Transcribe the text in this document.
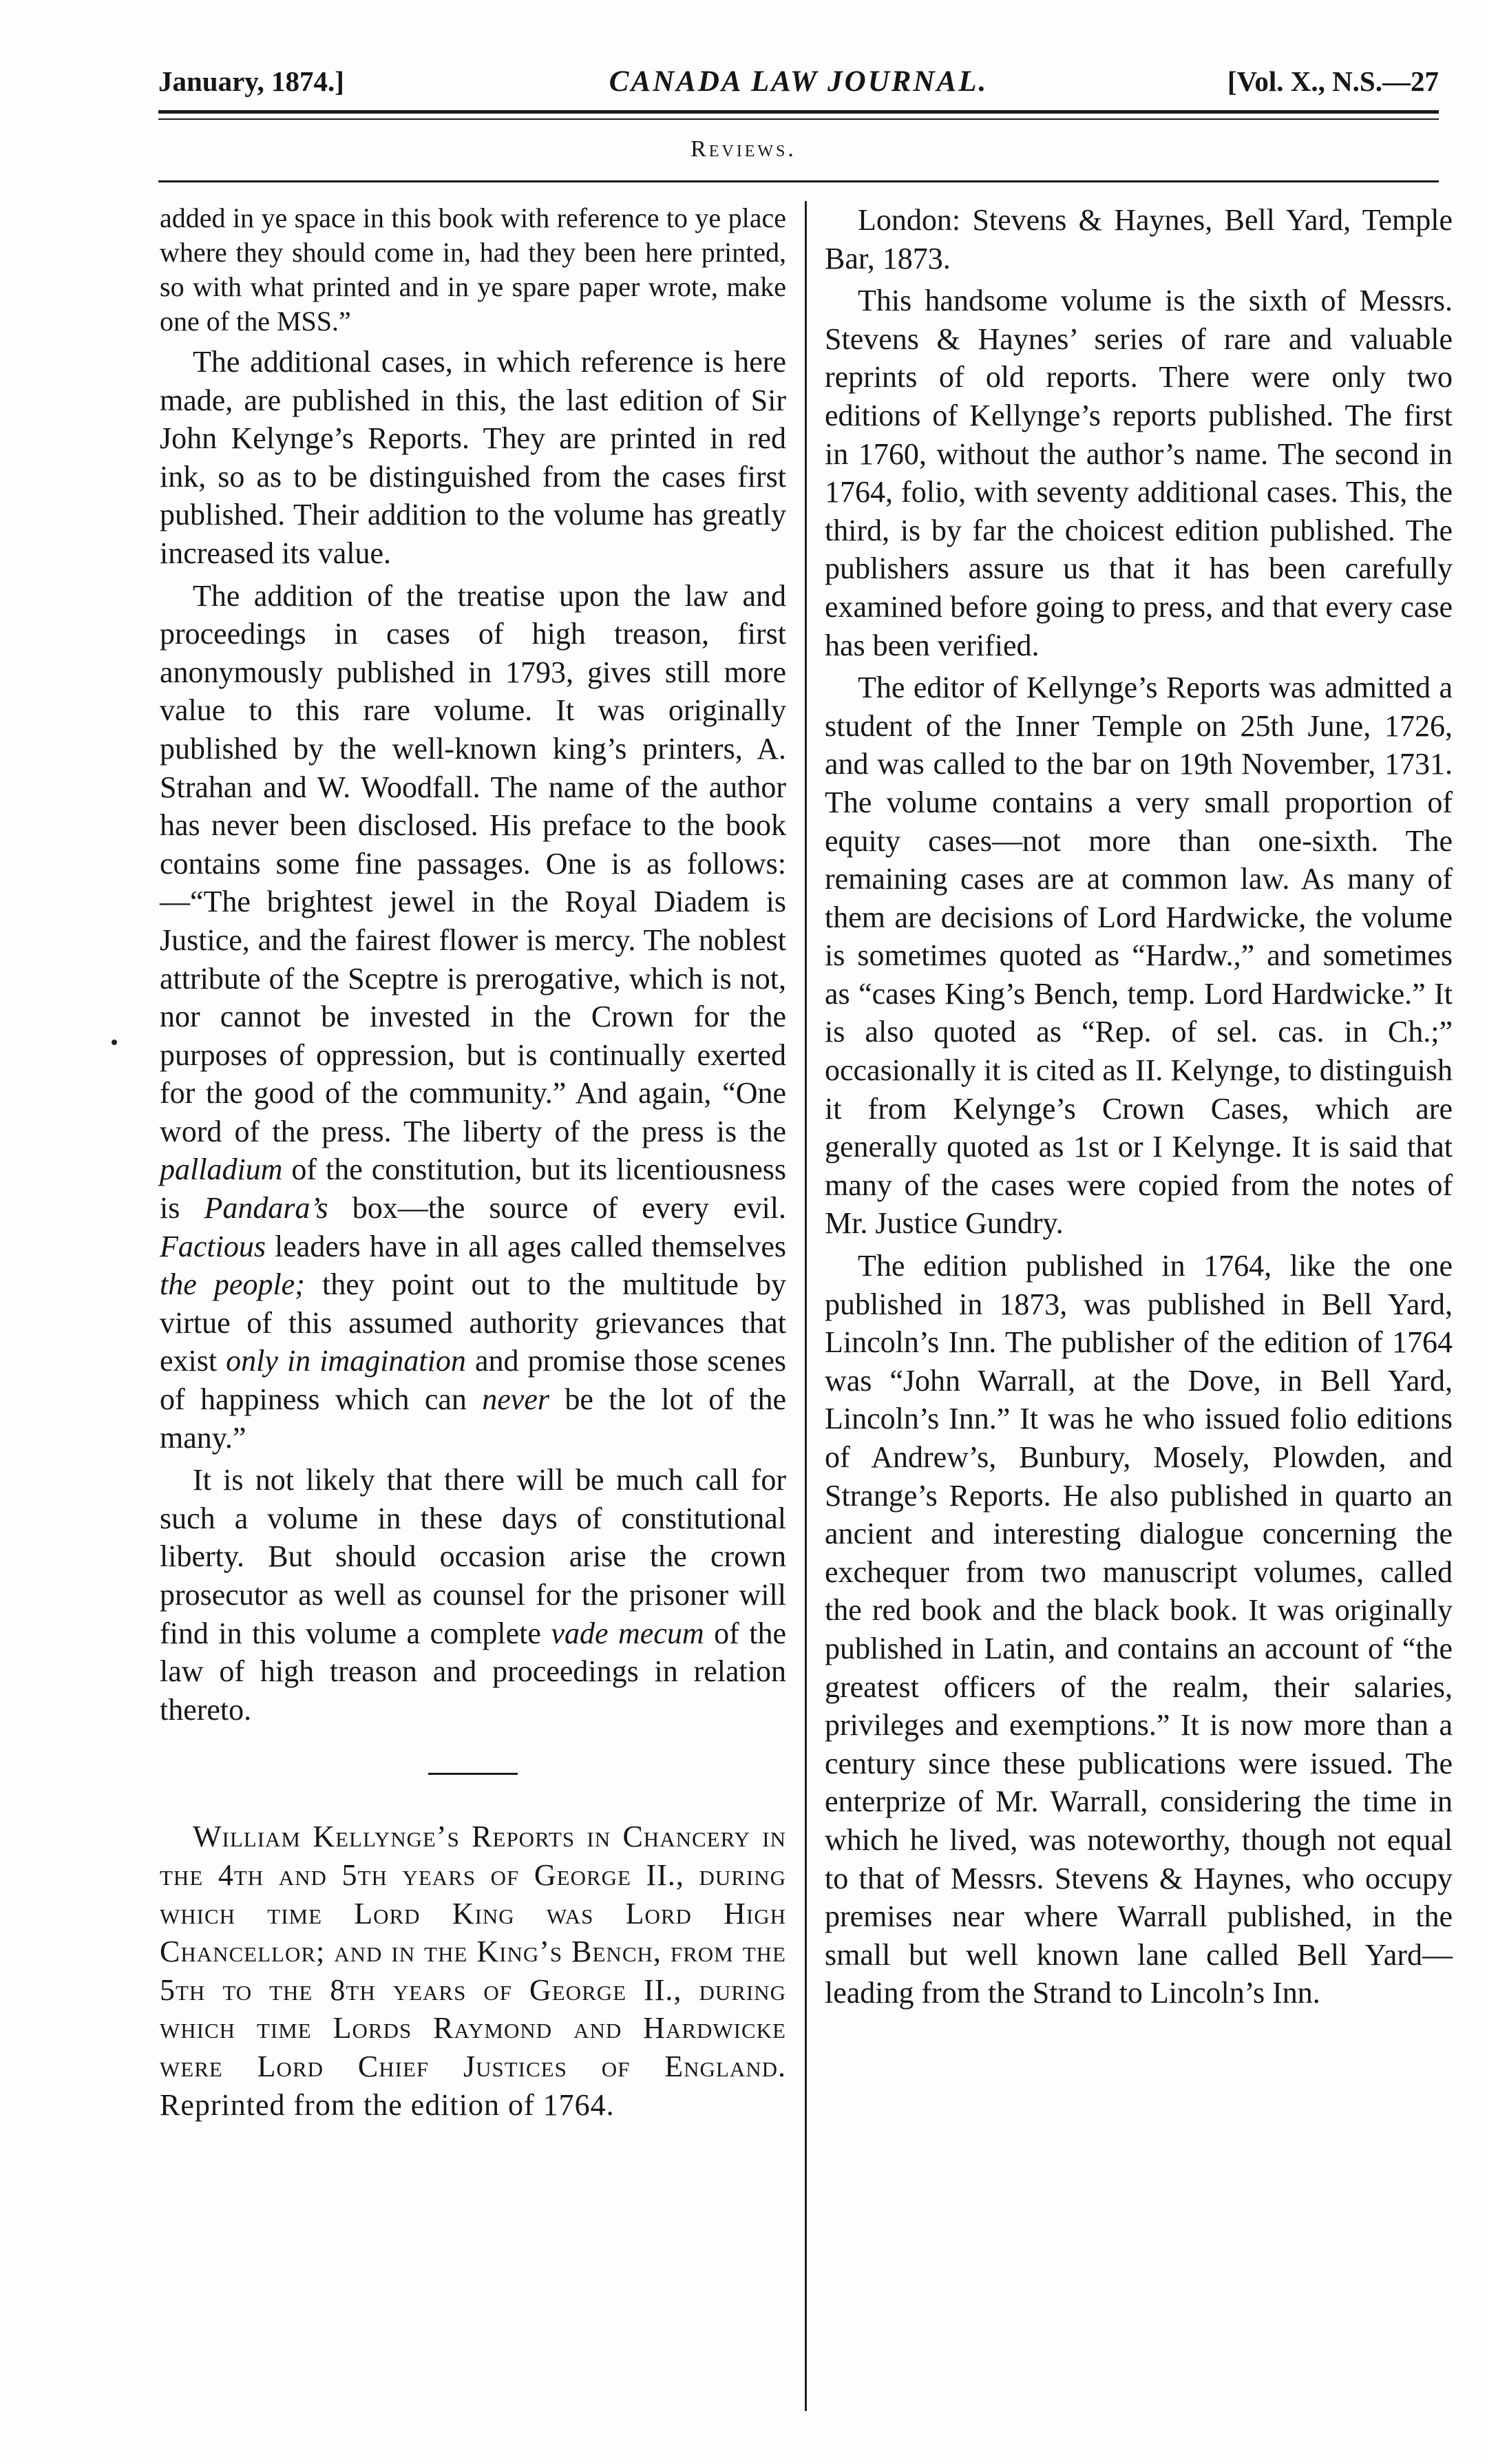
January, 1874.]	CANADA LAW JOURNAL.	[Vol. X., N.S.—27
Reviews.

added in ye space in this book with reference to ye place where they should come in, had they been here printed, so with what printed and in ye spare paper wrote, make one of the MSS.”

The additional cases, in which reference is here made, are published in this, the last edition of Sir John Kelynge’s Reports. They are printed in red ink, so as to be distinguished from the cases first published. Their addition to the volume has greatly increased its value.

The addition of the treatise upon the law and proceedings in cases of high treason, first anonymously published in 1793, gives still more value to this rare volume. It was originally published by the well-known king’s printers, A. Strahan and W. Woodfall. The name of the author has never been disclosed. His preface to the book contains some fine passages. One is as follows:—“The brightest jewel in the Royal Diadem is Justice, and the fairest flower is mercy. The noblest attribute of the Sceptre is prerogative, which is not, nor cannot be invested in the Crown for the purposes of oppression, but is continually exerted for the good of the community.” And again, “One word of the press. The liberty of the press is the palladium of the constitution, but its licentiousness is Pandara’s box—the source of every evil. Factious leaders have in all ages called themselves the people; they point out to the multitude by virtue of this assumed authority grievances that exist only in imagination and promise those scenes of happiness which can never be the lot of the many.”

It is not likely that there will be much call for such a volume in these days of constitutional liberty. But should occasion arise the crown prosecutor as well as counsel for the prisoner will find in this volume a complete vade mecum of the law of high treason and proceedings in relation thereto.

William Kellynge’s Reports in Chancery in the 4th and 5th years of George II., during which time Lord King was Lord High Chancellor; and in the King’s Bench, from the 5th to the 8th years of George II., during which time Lords Raymond and Hardwicke were Lord Chief Justices of England. Reprinted from the edition of 1764.

London: Stevens & Haynes, Bell Yard, Temple Bar, 1873.

This handsome volume is the sixth of Messrs. Stevens & Haynes’ series of rare and valuable reprints of old reports. There were only two editions of Kellynge’s reports published. The first in 1760, without the author’s name. The second in 1764, folio, with seventy additional cases. This, the third, is by far the choicest edition published. The publishers assure us that it has been carefully examined before going to press, and that every case has been verified.

The editor of Kellynge’s Reports was admitted a student of the Inner Temple on 25th June, 1726, and was called to the bar on 19th November, 1731. The volume contains a very small proportion of equity cases—not more than one-sixth. The remaining cases are at common law. As many of them are decisions of Lord Hardwicke, the volume is sometimes quoted as “Hardw.,” and sometimes as “cases King’s Bench, temp. Lord Hardwicke.” It is also quoted as “Rep. of sel. cas. in Ch.;” occasionally it is cited as II. Kelynge, to distinguish it from Kelynge’s Crown Cases, which are generally quoted as 1st or I Kelynge. It is said that many of the cases were copied from the notes of Mr. Justice Gundry.

The edition published in 1764, like the one published in 1873, was published in Bell Yard, Lincoln’s Inn. The publisher of the edition of 1764 was “John Warrall, at the Dove, in Bell Yard, Lincoln’s Inn.” It was he who issued folio editions of Andrew’s, Bunbury, Mosely, Plowden, and Strange’s Reports. He also published in quarto an ancient and interesting dialogue concerning the exchequer from two manuscript volumes, called the red book and the black book. It was originally published in Latin, and contains an account of “the greatest officers of the realm, their salaries, privileges and exemptions.” It is now more than a century since these publications were issued. The enterprize of Mr. Warrall, considering the time in which he lived, was noteworthy, though not equal to that of Messrs. Stevens & Haynes, who occupy premises near where Warrall published, in the small but well known lane called Bell Yard—leading from the Strand to Lincoln’s Inn.
